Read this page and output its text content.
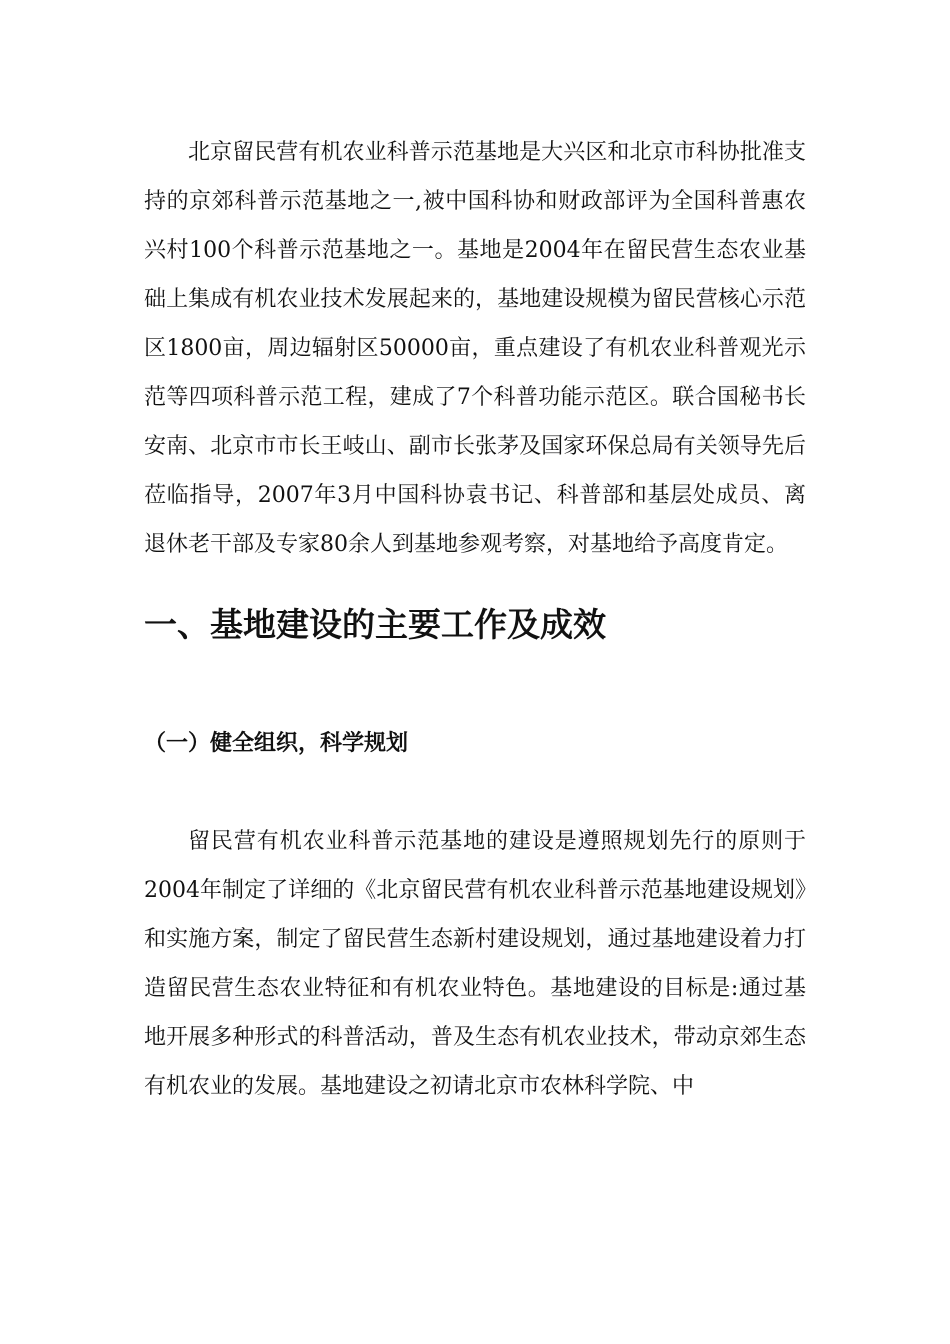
北京留民营有机农业科普示范基地是大兴区和北京市科协批准支持的京郊科普示范基地之一,被中国科协和财政部评为全国科普惠农兴村100个科普示范基地之一。基地是2004年在留民营生态农业基础上集成有机农业技术发展起来的，基地建设规模为留民营核心示范区1800亩，周边辐射区50000亩，重点建设了有机农业科普观光示范等四项科普示范工程，建成了7个科普功能示范区。联合国秘书长安南、北京市市长王岐山、副市长张茅及国家环保总局有关领导先后莅临指导，2007年3月中国科协袁书记、科普部和基层处成员、离退休老干部及专家80余人到基地参观考察，对基地给予高度肯定。

一、基地建设的主要工作及成效
（一）健全组织，科学规划

留民营有机农业科普示范基地的建设是遵照规划先行的原则于2004年制定了详细的《北京留民营有机农业科普示范基地建设规划》和实施方案，制定了留民营生态新村建设规划，通过基地建设着力打造留民营生态农业特征和有机农业特色。基地建设的目标是:通过基地开展多种形式的科普活动，普及生态有机农业技术，带动京郊生态有机农业的发展。基地建设之初请北京市农林科学院、中
